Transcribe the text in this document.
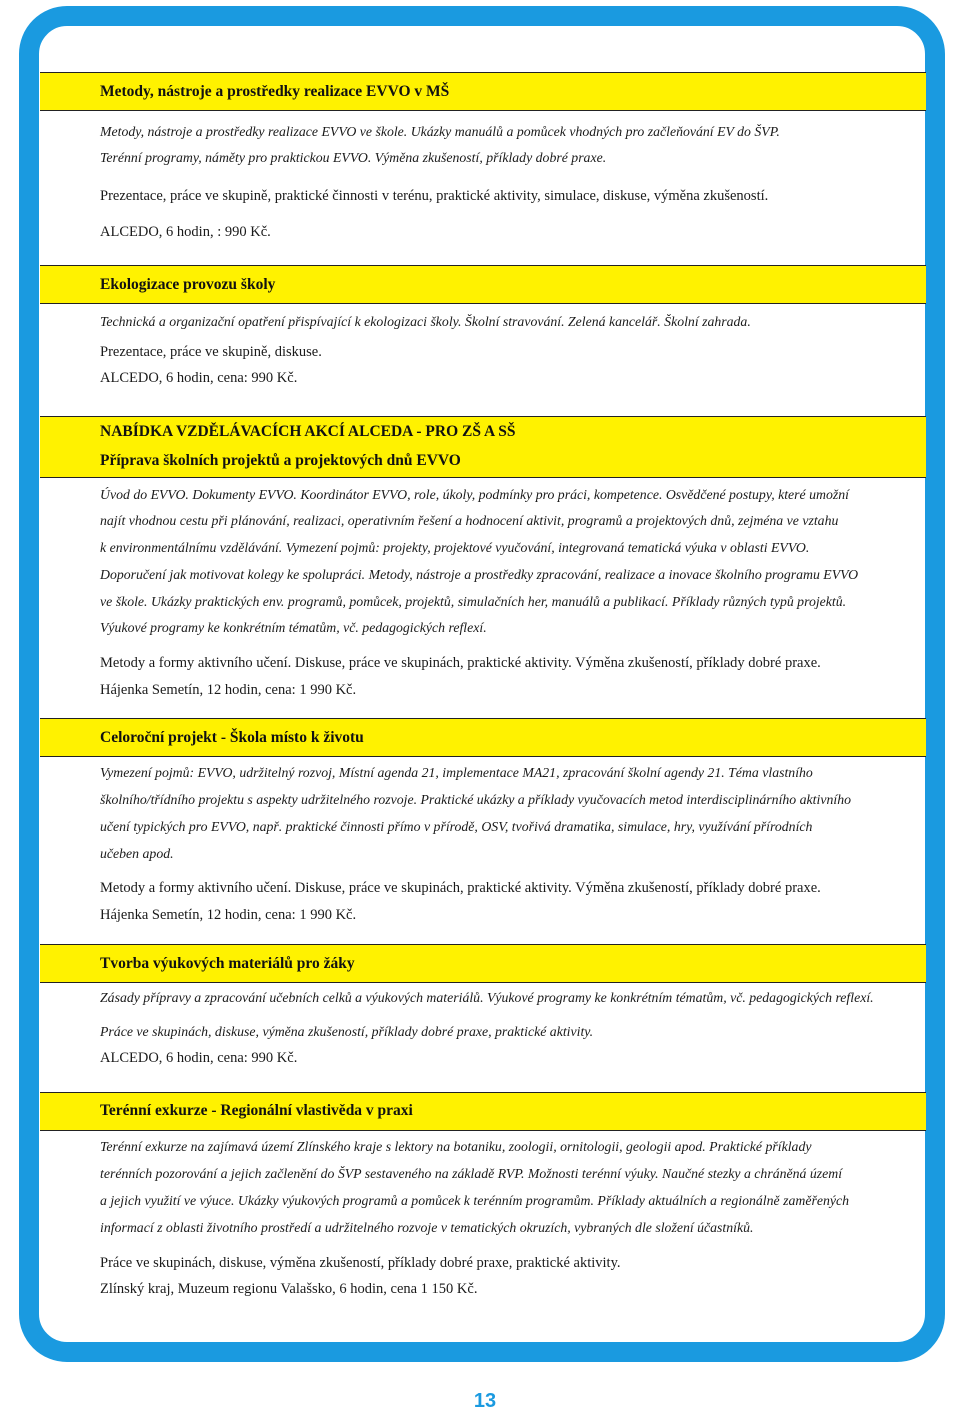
Metody, nástroje a prostředky realizace EVVO v MŠ
Metody, nástroje a prostředky realizace EVVO ve škole. Ukázky manuálů a pomůcek vhodných pro začleňování EV do ŠVP.
Terénní programy, náměty pro praktickou EVVO. Výměna zkušeností, příklady dobré praxe.
Prezentace, práce ve skupině, praktické činnosti v terénu, praktické aktivity, simulace, diskuse, výměna zkušeností.
ALCEDO, 6 hodin, : 990 Kč.
Ekologizace provozu školy
Technická a organizační opatření přispívající k ekologizaci školy. Školní stravování. Zelená kancelář. Školní zahrada.
Prezentace, práce ve skupině, diskuse.
ALCEDO, 6 hodin, cena: 990 Kč.
NABÍDKA VZDĚLÁVACÍCH AKCÍ ALCEDA - PRO ZŠ A SŠ
Příprava školních projektů a projektových dnů EVVO
Úvod do EVVO. Dokumenty EVVO. Koordinátor EVVO, role, úkoly, podmínky pro práci, kompetence. Osvědčené postupy, které umožní
najít vhodnou cestu při plánování, realizaci, operativním řešení a hodnocení aktivit, programů a projektových dnů, zejména ve vztahu
k environmentálnímu vzdělávání. Vymezení pojmů: projekty, projektové vyučování, integrovaná tematická výuka v oblasti EVVO.
Doporučení jak motivovat kolegy ke spolupráci. Metody, nástroje a prostředky zpracování, realizace a inovace školního programu EVVO
ve škole. Ukázky praktických env. programů, pomůcek, projektů, simulačních her, manuálů a publikací. Příklady různých typů projektů.
Výukové programy ke konkrétním tématům, vč. pedagogických reflexí.
Metody a formy aktivního učení. Diskuse, práce ve skupinách, praktické aktivity. Výměna zkušeností, příklady dobré praxe.
Hájenka Semetín, 12 hodin, cena: 1 990 Kč.
Celoroční projekt - Škola místo k životu
Vymezení pojmů: EVVO, udržitelný rozvoj, Místní agenda 21, implementace MA21, zpracování školní agendy 21. Téma vlastního
školního/třídního projektu s aspekty udržitelného rozvoje. Praktické ukázky a příklady vyučovacích metod interdisciplinárního aktivního
učení typických pro EVVO, např. praktické činnosti přímo v přírodě, OSV, tvořivá dramatika, simulace, hry, využívání přírodních
učeben apod.
Metody a formy aktivního učení. Diskuse, práce ve skupinách, praktické aktivity. Výměna zkušeností, příklady dobré praxe.
Hájenka Semetín, 12 hodin, cena: 1 990 Kč.
Tvorba výukových materiálů pro žáky
Zásady přípravy a zpracování učebních celků a výukových materiálů. Výukové programy ke konkrétním tématům, vč. pedagogických reflexí.
Práce ve skupinách, diskuse, výměna zkušeností, příklady dobré praxe, praktické aktivity.
ALCEDO, 6 hodin, cena: 990 Kč.
Terénní exkurze - Regionální vlastivěda v praxi
Terénní exkurze na zajímavá území Zlínského kraje s lektory na botaniku, zoologii, ornitologii, geologii apod. Praktické příklady
terénních pozorování a jejich začlenění do ŠVP sestaveného na základě RVP. Možnosti terénní výuky. Naučné stezky a chráněná území
a jejich využití ve výuce. Ukázky výukových programů a pomůcek k terénním programům. Příklady aktuálních a regionálně zaměřených
informací z oblasti životního prostředí a udržitelného rozvoje v tematických okruzích, vybraných dle složení účastníků.
Práce ve skupinách, diskuse, výměna zkušeností, příklady dobré praxe, praktické aktivity.
Zlínský kraj, Muzeum regionu Valašsko, 6 hodin, cena 1 150 Kč.
13
